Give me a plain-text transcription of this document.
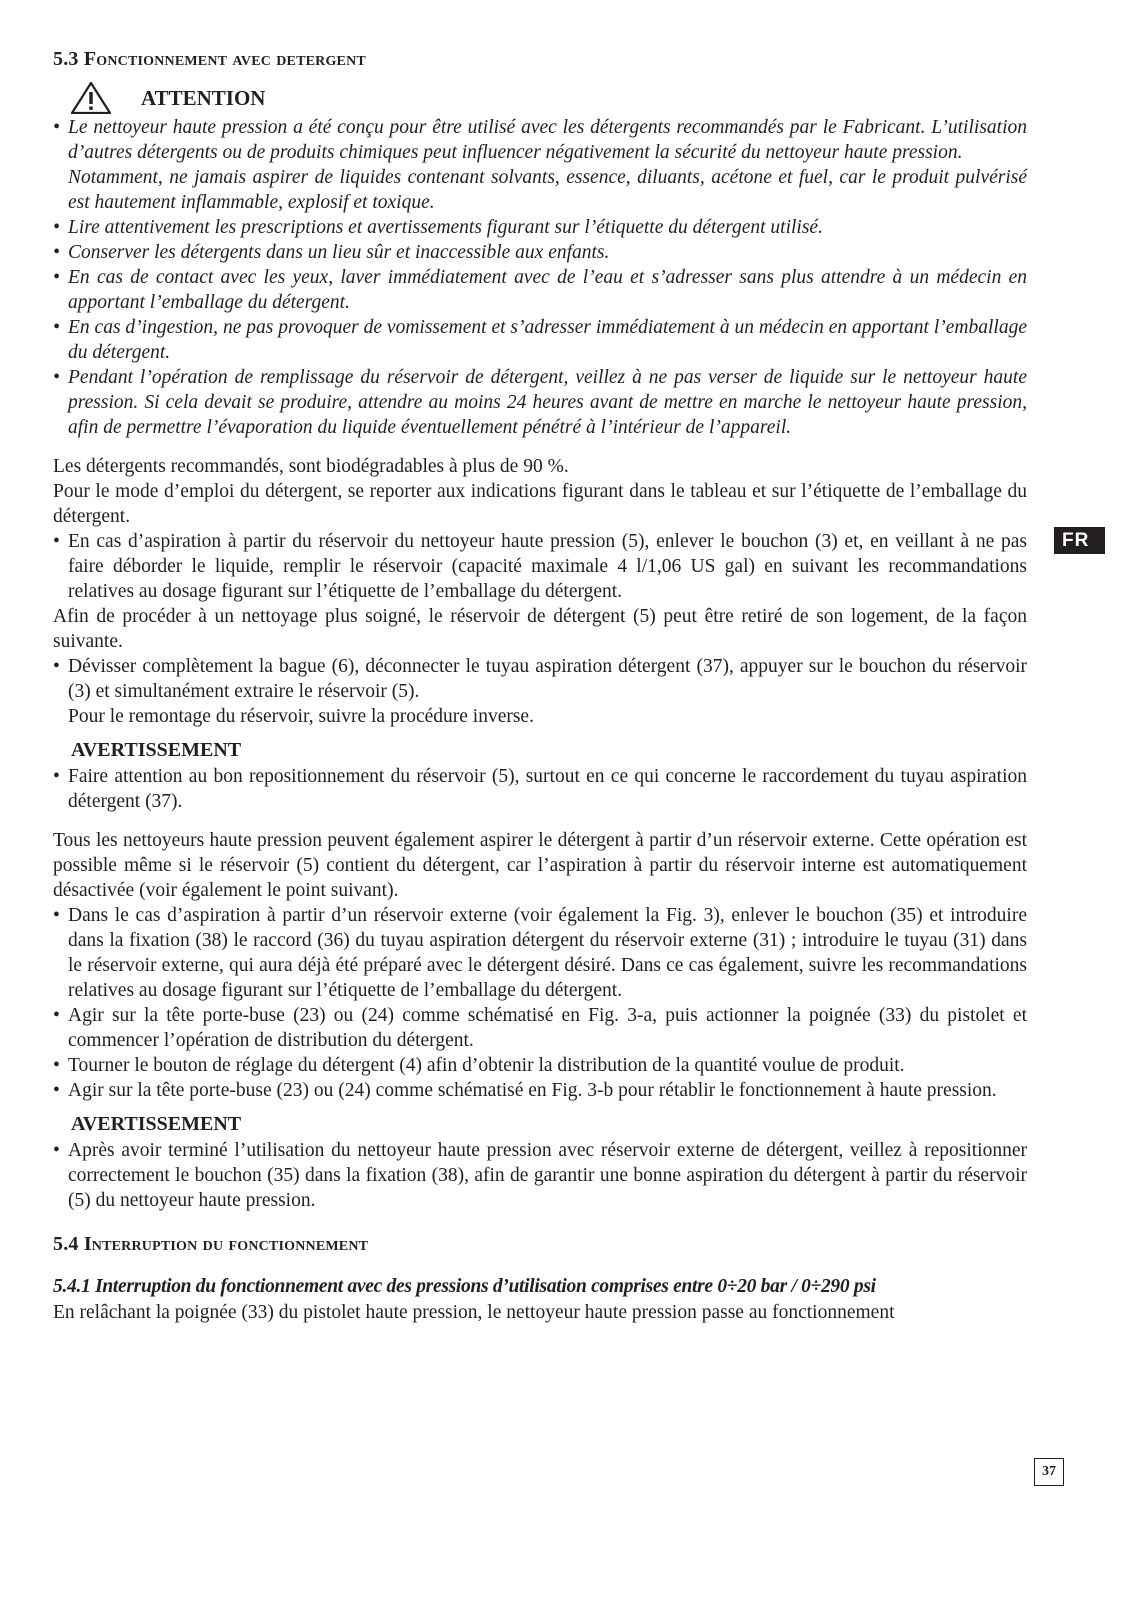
5.3 Fonctionnement avec detergent
ATTENTION
• Le nettoyeur haute pression a été conçu pour être utilisé avec les détergents recommandés par le Fabricant. L’utilisation d’autres détergents ou de produits chimiques peut influencer négativement la sécurité du nettoyeur haute pression.
Notamment, ne jamais aspirer de liquides contenant solvants, essence, diluants, acétone et fuel, car le produit pulvérisé est hautement inflammable, explosif et toxique.
• Lire attentivement les prescriptions et avertissements figurant sur l’étiquette du détergent utilisé.
• Conserver les détergents dans un lieu sûr et inaccessible aux enfants.
• En cas de contact avec les yeux, laver immédiatement avec de l’eau et s’adresser sans plus attendre à un médecin en apportant l’emballage du détergent.
• En cas d’ingestion, ne pas provoquer de vomissement et s’adresser immédiatement à un médecin en apportant l’emballage du détergent.
• Pendant l’opération de remplissage du réservoir de détergent, veillez à ne pas verser de liquide sur le nettoyeur haute pression. Si cela devait se produire, attendre au moins 24 heures avant de mettre en marche le nettoyeur haute pression, afin de permettre l’évaporation du liquide éventuellement pénétré à l’intérieur de l’appareil.

Les détergents recommandés, sont biodégradables à plus de 90 %.

Pour le mode d’emploi du détergent, se reporter aux indications figurant dans le tableau et sur l’étiquette de l’emballage du détergent.

• En cas d’aspiration à partir du réservoir du nettoyeur haute pression (5), enlever le bouchon (3) et, en veillant à ne pas faire déborder le liquide, remplir le réservoir (capacité maximale 4 l/1,06 US gal) en suivant les recommandations relatives au dosage figurant sur l’étiquette de l’emballage du détergent.

Afin de procéder à un nettoyage plus soigné, le réservoir de détergent (5) peut être retiré de son logement, de la façon suivante.

• Dévisser complètement la bague (6), déconnecter le tuyau aspiration détergent (37), appuyer sur le bouchon du réservoir (3) et simultanément extraire le réservoir (5).

Pour le remontage du réservoir, suivre la procédure inverse.

AVERTISSEMENT
• Faire attention au bon repositionnement du réservoir (5), surtout en ce qui concerne le raccordement du tuyau aspiration détergent (37).

Tous les nettoyeurs haute pression peuvent également aspirer le détergent à partir d’un réservoir externe. Cette opération est possible même si le réservoir (5) contient du détergent, car l’aspiration à partir du réservoir interne est automatiquement désactivée (voir également le point suivant).

• Dans le cas d’aspiration à partir d’un réservoir externe (voir également la Fig. 3), enlever le bouchon (35) et introduire dans la fixation (38) le raccord (36) du tuyau aspiration détergent du réservoir externe (31) ; introduire le tuyau (31) dans le réservoir externe, qui aura déjà été préparé avec le détergent désiré. Dans ce cas également, suivre les recommandations relatives au dosage figurant sur l’étiquette de l’emballage du détergent.
• Agir sur la tête porte-buse (23) ou (24) comme schématisé en Fig. 3-a, puis actionner la poignée (33) du pistolet et commencer l’opération de distribution du détergent.
• Tourner le bouton de réglage du détergent (4) afin d’obtenir la distribution de la quantité voulue de produit.
• Agir sur la tête porte-buse (23) ou (24) comme schématisé en Fig. 3-b pour rétablir le fonctionnement à haute pression.
AVERTISSEMENT
• Après avoir terminé l’utilisation du nettoyeur haute pression avec réservoir externe de détergent, veillez à repositionner correctement le bouchon (35) dans la fixation (38), afin de garantir une bonne aspiration du détergent à partir du réservoir (5) du nettoyeur haute pression.
5.4 Interruption du fonctionnement
5.4.1 Interruption du fonctionnement avec des pressions d’utilisation comprises entre 0÷20 bar / 0÷290 psi

En relâchant la poignée (33) du pistolet haute pression, le nettoyeur haute pression passe au fonctionnement

FR
37
